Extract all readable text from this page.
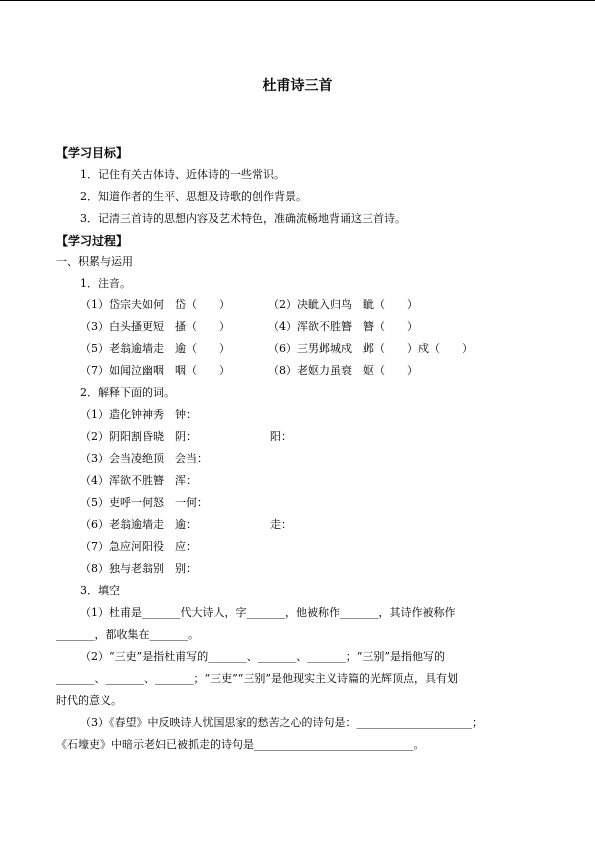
杜甫诗三首
【学习目标】
1．记住有关古体诗、近体诗的一些常识。
2．知道作者的生平、思想及诗歌的创作背景。
3．记清三首诗的思想内容及艺术特色，准确流畅地背诵这三首诗。
【学习过程】
一、积累与运用
1．注音。
（1）岱宗夫如何　岱（　　）	（2）决眦入归鸟　眦（　　）
（3）白头搔更短　搔（　　）	（4）浑欲不胜簪　簪（　　）
（5）老翁逾墙走　逾（　　）	（6）三男邺城戍　邺（　　）戍（　　）
（7）如闻泣幽咽　咽（　　）	（8）老妪力虽衰　妪（　　）
2．解释下面的词。
（1）造化钟神秀　钟：
（2）阴阳割昏晓　阴：	阳：
（3）会当凌绝顶　会当：
（4）浑欲不胜簪　浑：
（5）吏呼一何怒　一何：
（6）老翁逾墙走　逾：	走：
（7）急应河阳役　应：
（8）独与老翁别　别：
3．填空
（1）杜甫是_______代大诗人，字_______，他被称作_______，其诗作被称作
_______，都收集在_______。
（2）“三吏”是指杜甫写的_______、_______、_______；“三别”是指他写的
_______、_______、_______；“三吏”“三别”是他现实主义诗篇的光辉顶点，具有划
时代的意义。
（3）《春望》中反映诗人忧国思家的愁苦之心的诗句是：_____________________；
《石壕吏》中暗示老妇已被抓走的诗句是_____________________________。
